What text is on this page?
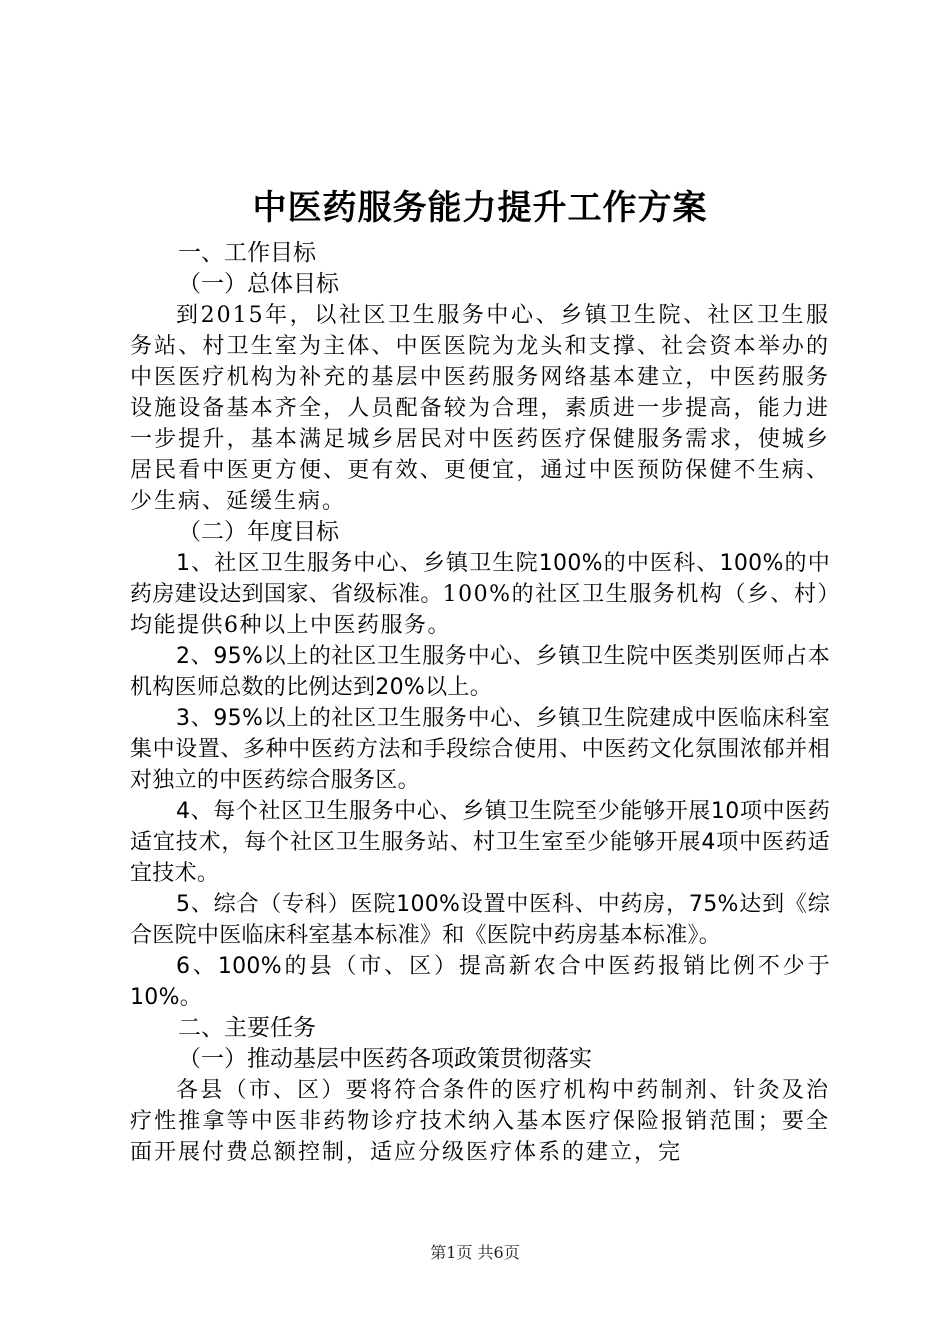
中医药服务能力提升工作方案
一、工作目标
（一）总体目标

到2015年，以社区卫生服务中心、乡镇卫生院、社区卫生服务站、村卫生室为主体、中医医院为龙头和支撑、社会资本举办的中医医疗机构为补充的基层中医药服务网络基本建立，中医药服务设施设备基本齐全，人员配备较为合理，素质进一步提高，能力进一步提升，基本满足城乡居民对中医药医疗保健服务需求，使城乡居民看中医更方便、更有效、更便宜，通过中医预防保健不生病、少生病、延缓生病。

（二）年度目标

1、社区卫生服务中心、乡镇卫生院100%的中医科、100%的中药房建设达到国家、省级标准。100%的社区卫生服务机构（乡、村）均能提供6种以上中医药服务。

2、95%以上的社区卫生服务中心、乡镇卫生院中医类别医师占本机构医师总数的比例达到20%以上。

3、95%以上的社区卫生服务中心、乡镇卫生院建成中医临床科室集中设置、多种中医药方法和手段综合使用、中医药文化氛围浓郁并相对独立的中医药综合服务区。

4、每个社区卫生服务中心、乡镇卫生院至少能够开展10项中医药适宜技术，每个社区卫生服务站、村卫生室至少能够开展4项中医药适宜技术。

5、综合（专科）医院100%设置中医科、中药房，75%达到《综合医院中医临床科室基本标准》和《医院中药房基本标准》。

6、100%的县（市、区）提高新农合中医药报销比例不少于10%。

二、主要任务
（一）推动基层中医药各项政策贯彻落实

各县（市、区）要将符合条件的医疗机构中药制剂、针灸及治疗性推拿等中医非药物诊疗技术纳入基本医疗保险报销范围；要全面开展付费总额控制，适应分级医疗体系的建立，完

第1页 共6页
